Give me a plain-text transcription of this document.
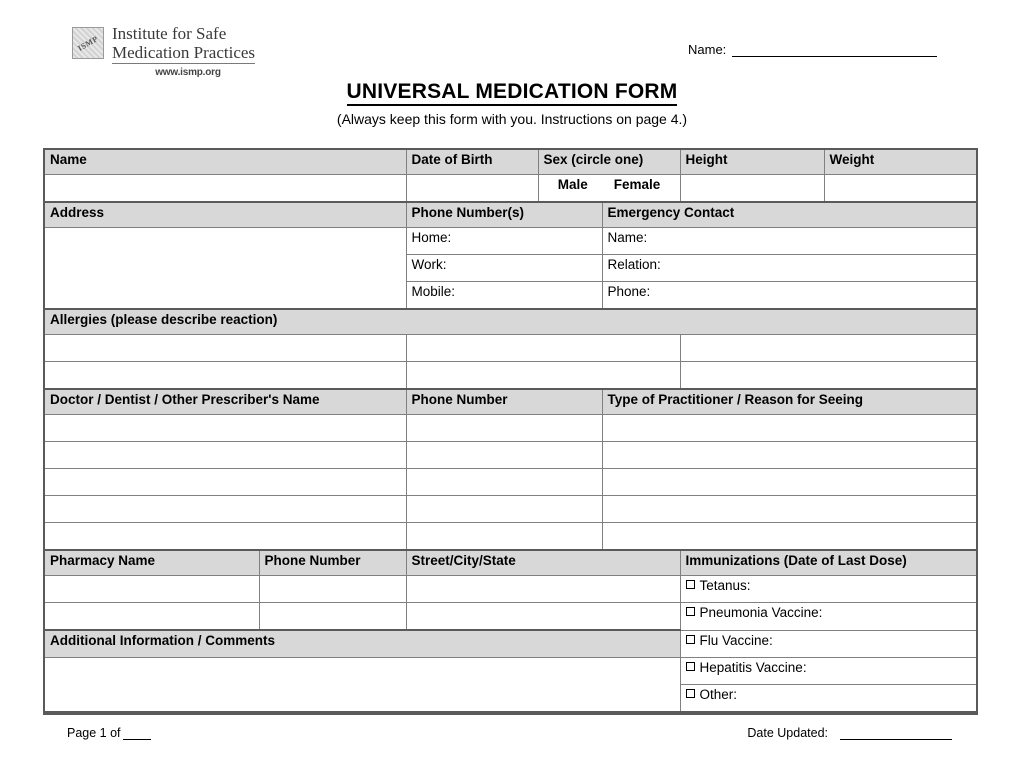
ISMP Institute for Safe
Medication Practices
www.ismp.org
Name:
UNIVERSAL MEDICATION FORM
(Always keep this form with you. Instructions on page 4.)
Name		Date of Birth	Sex (circle one)		Height	Weight
			Male Female			
Address		Phone Number(s)		Emergency Contact		
		Home:		Name:		
		Work:		Relation:		
		Mobile:		Phone:		
Allergies (please describe reaction)						

Doctor / Dentist / Other Prescriber's Name		Phone Number		Type of Practitioner / Reason for Seeing		

Pharmacy Name	Phone Number	Street/City/State			Immunizations (Date of Last Dose)	
					Tetanus:	
					Pneumonia Vaccine:	
Additional Information / Comments					Flu Vaccine:	
					Hepatitis Vaccine:	
					Other:	

Page 1 of	Date Updated:
